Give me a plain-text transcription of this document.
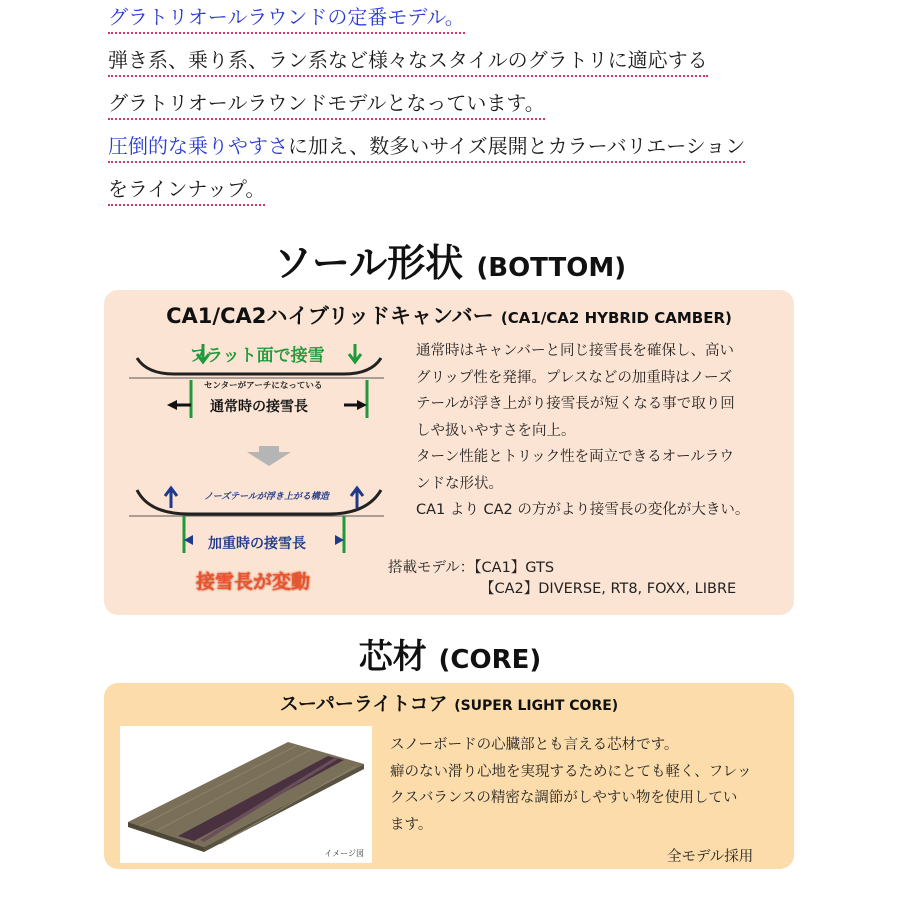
グラトリオールラウンドの定番モデル。
弾き系、乗り系、ラン系など様々なスタイルのグラトリに適応する
グラトリオールラウンドモデルとなっています。
圧倒的な乗りやすさに加え、数多いサイズ展開とカラーバリエーション
をラインナップ。
ソール形状 (BOTTOM)
CA1/CA2ハイブリッドキャンバー (CA1/CA2 HYBRID CAMBER)
フラット面で接雪
センターがアーチになっている
通常時の接雪長
ノーズテールが浮き上がる構造
加重時の接雪長
接雪長が変動

通常時はキャンバーと同じ接雪長を確保し、高い

グリップ性を発揮。プレスなどの加重時はノーズ

テールが浮き上がり接雪長が短くなる事で取り回

しや扱いやすさを向上。

ターン性能とトリック性を両立できるオールラウ

ンドな形状。

CA1 より CA2 の方がより接雪長の変化が大きい。

搭載モデル：【CA1】GTS
【CA2】DIVERSE, RT8, FOXX, LIBRE
芯材 (CORE)
スーパーライトコア (SUPER LIGHT CORE)
イメージ図

スノーボードの心臓部とも言える芯材です。

癖のない滑り心地を実現するためにとても軽く、フレッ

クスバランスの精密な調節がしやすい物を使用してい

ます。

全モデル採用
